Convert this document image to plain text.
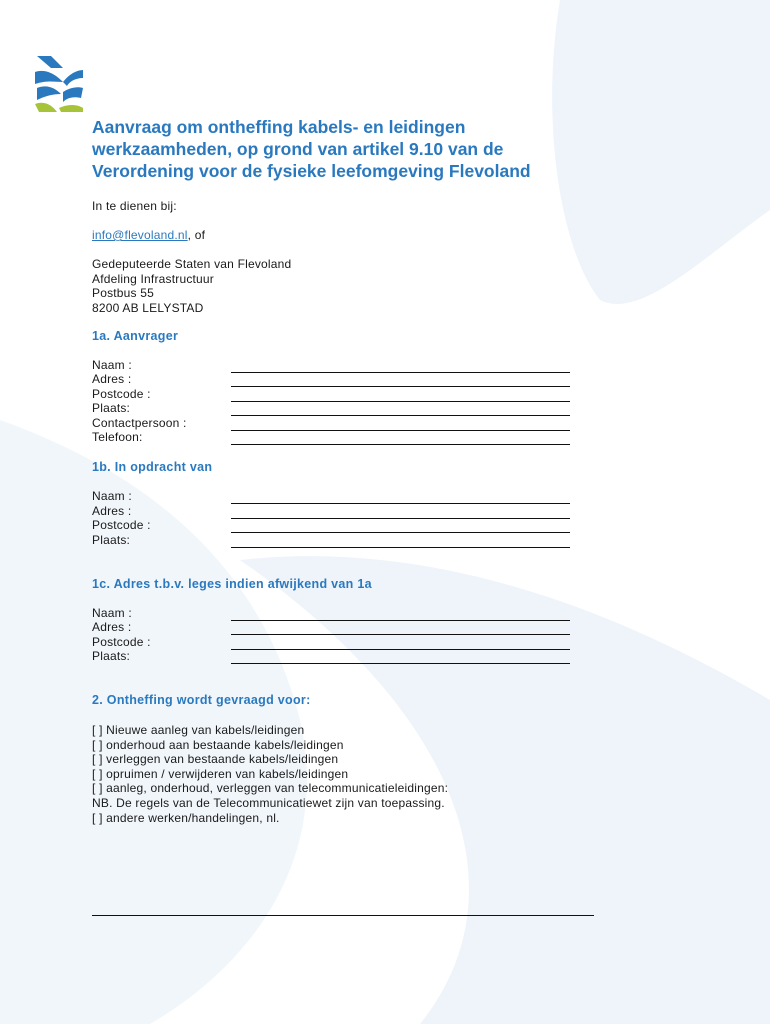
Aanvraag om ontheffing kabels- en leidingen
werkzaamheden, op grond van artikel 9.10 van de
Verordening voor de fysieke leefomgeving Flevoland
In te dienen bij:
info@flevoland.nl, of
Gedeputeerde Staten van Flevoland
Afdeling Infrastructuur
Postbus 55
8200 AB LELYSTAD
1a. Aanvrager
Naam :
Adres :
Postcode :
Plaats:
Contactpersoon :
Telefoon:
1b. In opdracht van
Naam :
Adres :
Postcode :
Plaats:
1c. Adres t.b.v. leges indien afwijkend van 1a
Naam :
Adres :
Postcode :
Plaats:
2. Ontheffing wordt gevraagd voor:
[ ] Nieuwe aanleg van kabels/leidingen
[ ] onderhoud aan bestaande kabels/leidingen
[ ] verleggen van bestaande kabels/leidingen
[ ] opruimen / verwijderen van kabels/leidingen
[ ] aanleg, onderhoud, verleggen van telecommunicatieleidingen:
NB. De regels van de Telecommunicatiewet zijn van toepassing.
[ ] andere werken/handelingen, nl.
